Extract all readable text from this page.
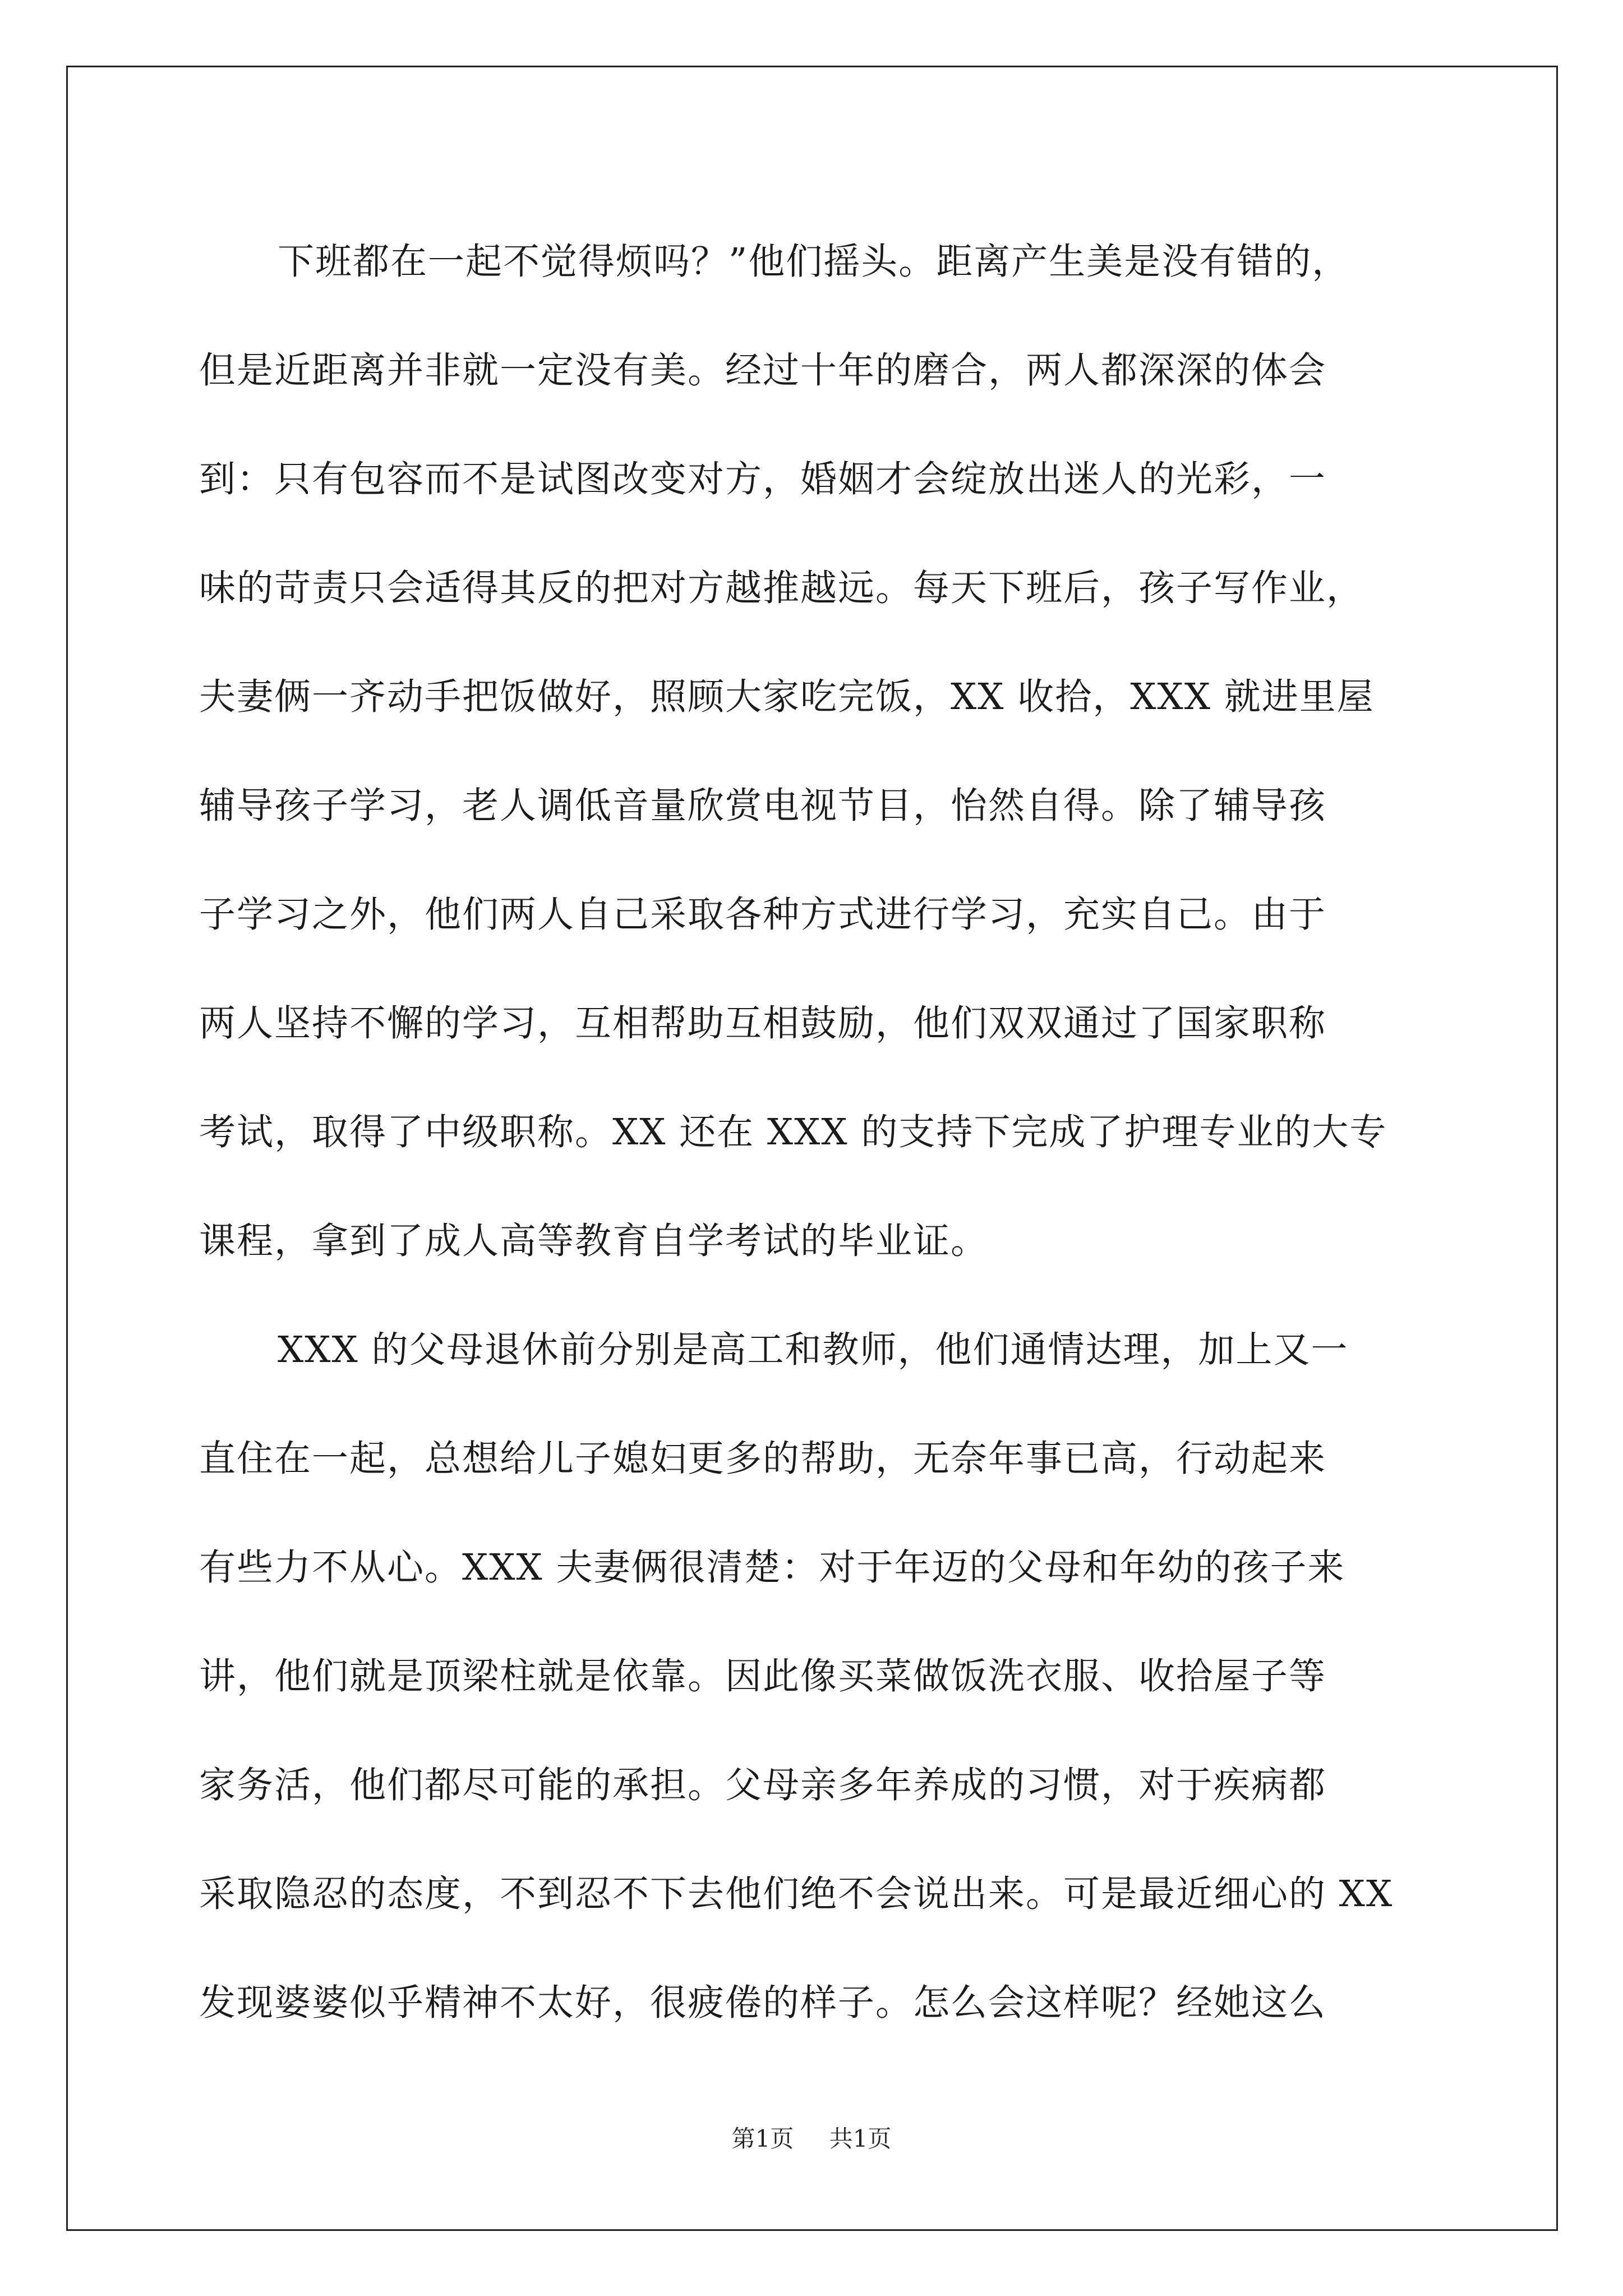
下班都在一起不觉得烦吗？”他们摇头。距离产生美是没有错的，
但是近距离并非就一定没有美。经过十年的磨合，两人都深深的体会
到：只有包容而不是试图改变对方，婚姻才会绽放出迷人的光彩，一
味的苛责只会适得其反的把对方越推越远。每天下班后，孩子写作业，
夫妻俩一齐动手把饭做好，照顾大家吃完饭，XX 收拾，XXX 就进里屋
辅导孩子学习，老人调低音量欣赏电视节目，怡然自得。除了辅导孩
子学习之外，他们两人自己采取各种方式进行学习，充实自己。由于
两人坚持不懈的学习，互相帮助互相鼓励，他们双双通过了国家职称
考试，取得了中级职称。XX 还在 XXX 的支持下完成了护理专业的大专
课程，拿到了成人高等教育自学考试的毕业证。
XXX 的父母退休前分别是高工和教师，他们通情达理，加上又一
直住在一起，总想给儿子媳妇更多的帮助，无奈年事已高，行动起来
有些力不从心。XXX 夫妻俩很清楚：对于年迈的父母和年幼的孩子来
讲，他们就是顶梁柱就是依靠。因此像买菜做饭洗衣服、收拾屋子等
家务活，他们都尽可能的承担。父母亲多年养成的习惯，对于疾病都
采取隐忍的态度，不到忍不下去他们绝不会说出来。可是最近细心的 XX
发现婆婆似乎精神不太好，很疲倦的样子。怎么会这样呢？经她这么
第1页 共1页
